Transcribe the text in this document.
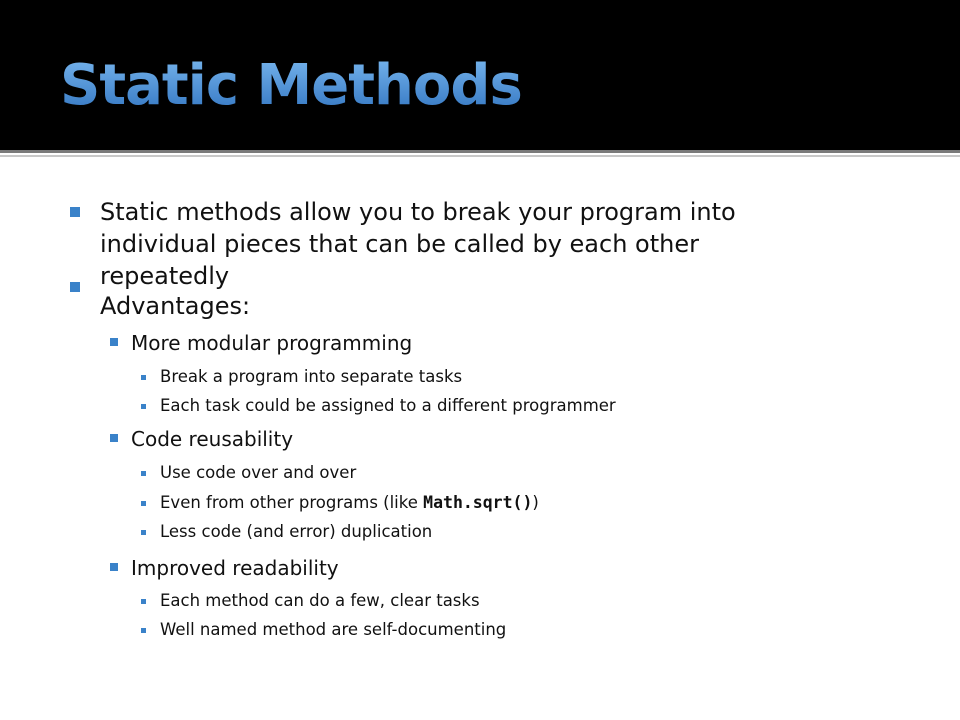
Static Methods
Static methods allow you to break your program into
individual pieces that can be called by each other
repeatedly
Advantages:
More modular programming
Break a program into separate tasks
Each task could be assigned to a different programmer
Code reusability
Use code over and over
Even from other programs (like Math.sqrt())
Less code (and error) duplication
Improved readability
Each method can do a few, clear tasks
Well named method are self-documenting
